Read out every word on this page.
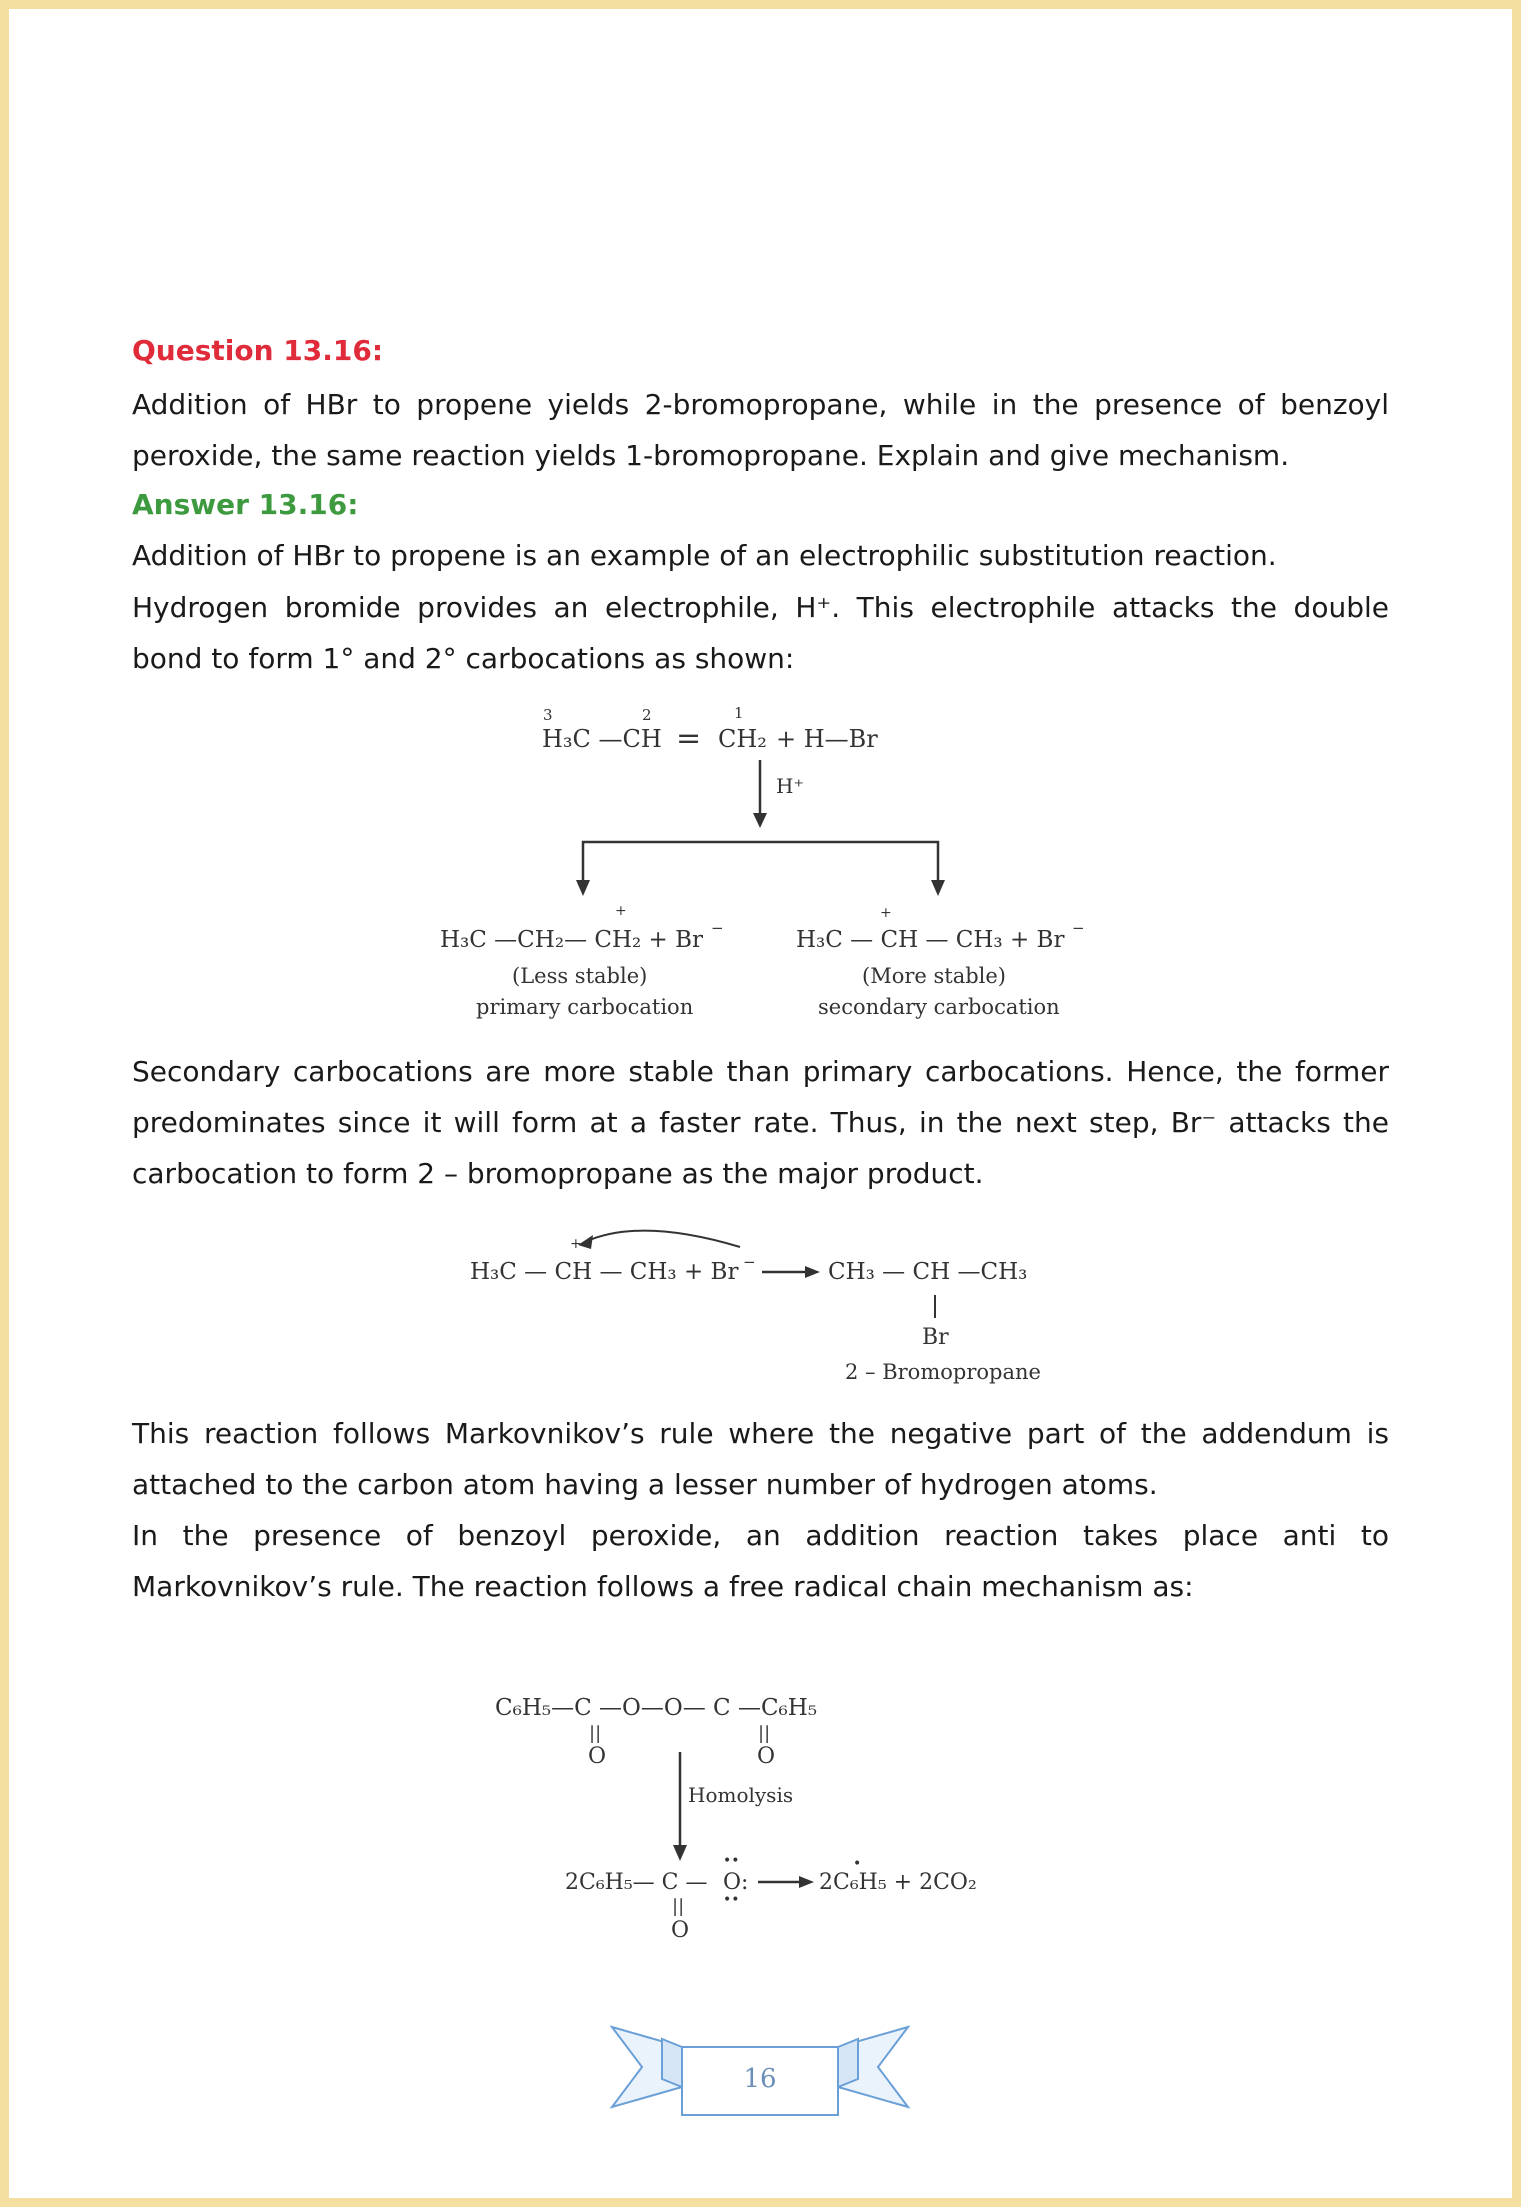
Question 13.16:
Addition of HBr to propene yields 2-bromopropane, while in the presence of benzoyl peroxide, the same reaction yields 1-bromopropane. Explain and give mechanism.
Answer 13.16:
Addition of HBr to propene is an example of an electrophilic substitution reaction.
Hydrogen bromide provides an electrophile, H⁺. This electrophile attacks the double bond to form 1° and 2° carbocations as shown:
3	2	1
H₃C —CH = CH₂ + H—Br
H⁺
+
H₃C —CH₂— CH₂ + Br −
(Less stable)
primary carbocation
+
H₃C — CH — CH₃ + Br −
(More stable)
secondary carbocation
Secondary carbocations are more stable than primary carbocations. Hence, the former predominates since it will form at a faster rate. Thus, in the next step, Br⁻ attacks the carbocation to form 2 – bromopropane as the major product.
+
H₃C — CH — CH₃ + Br −	CH₃ — CH —CH₃
Br
2 – Bromopropane
This reaction follows Markovnikov’s rule where the negative part of the addendum is attached to the carbon atom having a lesser number of hydrogen atoms.
In the presence of benzoyl peroxide, an addition reaction takes place anti to Markovnikov’s rule. The reaction follows a free radical chain mechanism as:
C₆H₅—C —O—O— C —C₆H₅
||
O
||
O
Homolysis
2C₆H₅— C — O:
••
••
2C₆H₅ + 2CO₂
•
||
O
16
